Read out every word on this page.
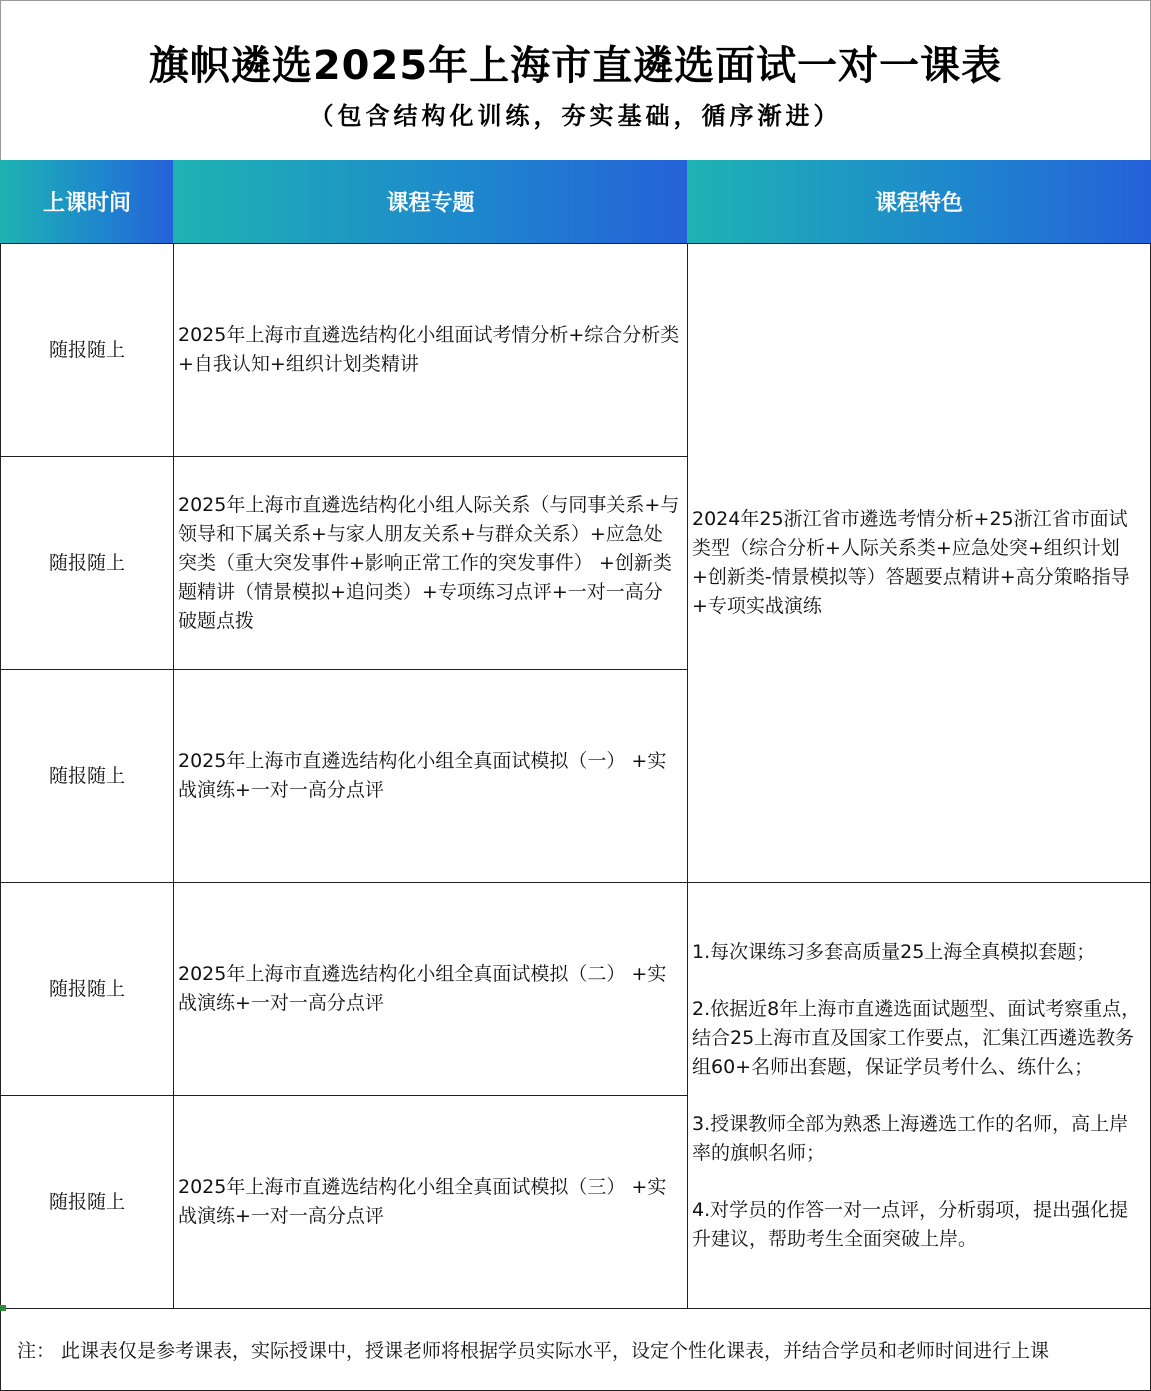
旗帜遴选2025年上海市直遴选面试一对一课表
（包含结构化训练，夯实基础，循序渐进）
上课时间	课程专题	课程特色
随报随上
2025年上海市直遴选结构化小组面试考情分析+综合分析类+自我认知+组织计划类精讲
随报随上
2025年上海市直遴选结构化小组人际关系（与同事关系+与领导和下属关系+与家人朋友关系+与群众关系）+应急处突类（重大突发事件+影响正常工作的突发事件） +创新类题精讲（情景模拟+追问类）+专项练习点评+一对一高分破题点拨
随报随上
2025年上海市直遴选结构化小组全真面试模拟（一） +实战演练+一对一高分点评
随报随上
2025年上海市直遴选结构化小组全真面试模拟（二） +实战演练+一对一高分点评
随报随上
2025年上海市直遴选结构化小组全真面试模拟（三） +实战演练+一对一高分点评
2024年25浙江省市遴选考情分析+25浙江省市面试类型（综合分析+人际关系类+应急处突+组织计划+创新类-情景模拟等）答题要点精讲+高分策略指导+专项实战演练
1.每次课练习多套高质量25上海全真模拟套题；
2.依据近8年上海市直遴选面试题型、面试考察重点，结合25上海市直及国家工作要点，汇集江西遴选教务组60+名师出套题，保证学员考什么、练什么；
3.授课教师全部为熟悉上海遴选工作的名师，高上岸率的旗帜名师；
4.对学员的作答一对一点评，分析弱项，提出强化提升建议，帮助考生全面突破上岸。
注： 此课表仅是参考课表，实际授课中，授课老师将根据学员实际水平，设定个性化课表，并结合学员和老师时间进行上课
